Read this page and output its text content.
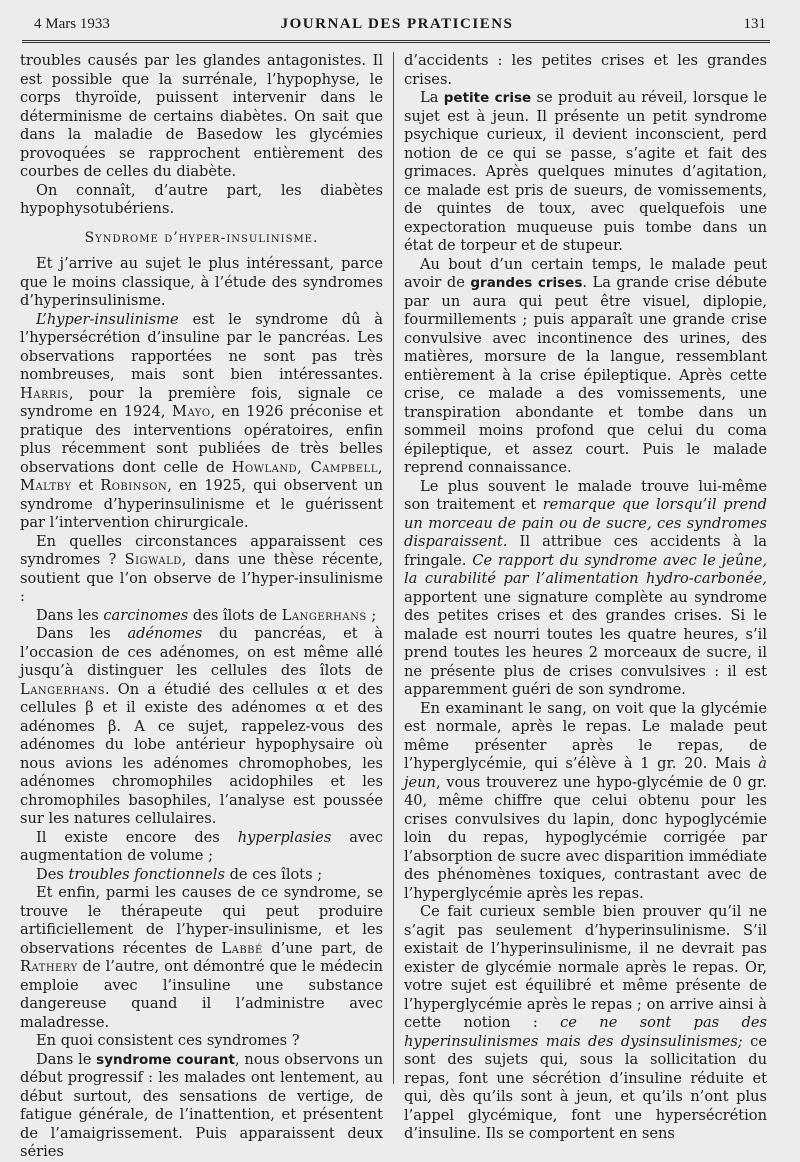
4 Mars 1933	JOURNAL DES PRATICIENS	131

troubles causés par les glandes antagonistes. Il est possible que la surrénale, l’hypophyse, le corps thyroïde, puissent intervenir dans le déterminisme de certains diabètes. On sait que dans la maladie de Basedow les glycémies provoquées se rapprochent entièrement des courbes de celles du diabète.

On connaît, d’autre part, les diabètes hypophysotubériens.

Syndrome d’hyper-insulinisme.

Et j’arrive au sujet le plus intéressant, parce que le moins classique, à l’étude des syndromes d’hyperinsulinisme.

L’hyper-insulinisme est le syndrome dû à l’hypersécrétion d’insuline par le pancréas. Les observations rapportées ne sont pas très nombreuses, mais sont bien intéressantes. Harris, pour la première fois, signale ce syndrome en 1924, Mayo, en 1926 préconise et pratique des interventions opératoires, enfin plus récemment sont publiées de très belles observations dont celle de Howland, Campbell, Maltby et Robinson, en 1925, qui observent un syndrome d’hyperinsulinisme et le guérissent par l’intervention chirurgicale.

En quelles circonstances apparaissent ces syndromes ? Sigwald, dans une thèse récente, soutient que l’on observe de l’hyper-insulinisme :

Dans les carcinomes des îlots de Langerhans ;

Dans les adénomes du pancréas, et à l’occasion de ces adénomes, on est même allé jusqu’à distinguer les cellules des îlots de Langerhans. On a étudié des cellules α et des cellules β et il existe des adénomes α et des adénomes β. A ce sujet, rappelez-vous des adénomes du lobe antérieur hypophysaire où nous avions les adénomes chromophobes, les adénomes chromophiles acidophiles et les chromophiles basophiles, l’analyse est poussée sur les natures cellulaires.

Il existe encore des hyperplasies avec augmentation de volume ;

Des troubles fonctionnels de ces îlots ;

Et enfin, parmi les causes de ce syndrome, se trouve le thérapeute qui peut produire artificiellement de l’hyper-insulinisme, et les observations récentes de Labbé d’une part, de Rathery de l’autre, ont démontré que le médecin emploie avec l’insuline une substance dangereuse quand il l’administre avec maladresse.

En quoi consistent ces syndromes ?

Dans le syndrome courant, nous observons un début progressif : les malades ont lentement, au début surtout, des sensations de vertige, de fatigue générale, de l’inattention, et présentent de l’amaigrissement. Puis apparaissent deux séries

d’accidents : les petites crises et les grandes crises.

La petite crise se produit au réveil, lorsque le sujet est à jeun. Il présente un petit syndrome psychique curieux, il devient inconscient, perd notion de ce qui se passe, s’agite et fait des grimaces. Après quelques minutes d’agitation, ce malade est pris de sueurs, de vomissements, de quintes de toux, avec quelquefois une expectoration muqueuse puis tombe dans un état de torpeur et de stupeur.

Au bout d’un certain temps, le malade peut avoir de grandes crises. La grande crise débute par un aura qui peut être visuel, diplopie, fourmillements ; puis apparaît une grande crise convulsive avec incontinence des urines, des matières, morsure de la langue, ressemblant entièrement à la crise épileptique. Après cette crise, ce malade a des vomissements, une transpiration abondante et tombe dans un sommeil moins profond que celui du coma épileptique, et assez court. Puis le malade reprend connaissance.

Le plus souvent le malade trouve lui-même son traitement et remarque que lorsqu’il prend un morceau de pain ou de sucre, ces syndromes disparaissent. Il attribue ces accidents à la fringale. Ce rapport du syndrome avec le jeûne, la curabilité par l’alimentation hydro-carbonée, apportent une signature complète au syndrome des petites crises et des grandes crises. Si le malade est nourri toutes les quatre heures, s’il prend toutes les heures 2 morceaux de sucre, il ne présente plus de crises convulsives : il est apparemment guéri de son syndrome.

En examinant le sang, on voit que la glycémie est normale, après le repas. Le malade peut même présenter après le repas, de l’hyperglycémie, qui s’élève à 1 gr. 20. Mais à jeun, vous trouverez une hypo-glycémie de 0 gr. 40, même chiffre que celui obtenu pour les crises convulsives du lapin, donc hypoglycémie loin du repas, hypoglycémie corrigée par l’absorption de sucre avec disparition immédiate des phénomènes toxiques, contrastant avec de l’hyperglycémie après les repas.

Ce fait curieux semble bien prouver qu’il ne s’agit pas seulement d’hyperinsulinisme. S’il existait de l’hyperinsulinisme, il ne devrait pas exister de glycémie normale après le repas. Or, votre sujet est équilibré et même présente de l’hyperglycémie après le repas ; on arrive ainsi à cette notion : ce ne sont pas des hyperinsulinismes mais des dysinsulinismes; ce sont des sujets qui, sous la sollicitation du repas, font une sécrétion d’insuline réduite et qui, dès qu’ils sont à jeun, et qu’ils n’ont plus l’appel glycémique, font une hypersécrétion d’insuline. Ils se comportent en sens
